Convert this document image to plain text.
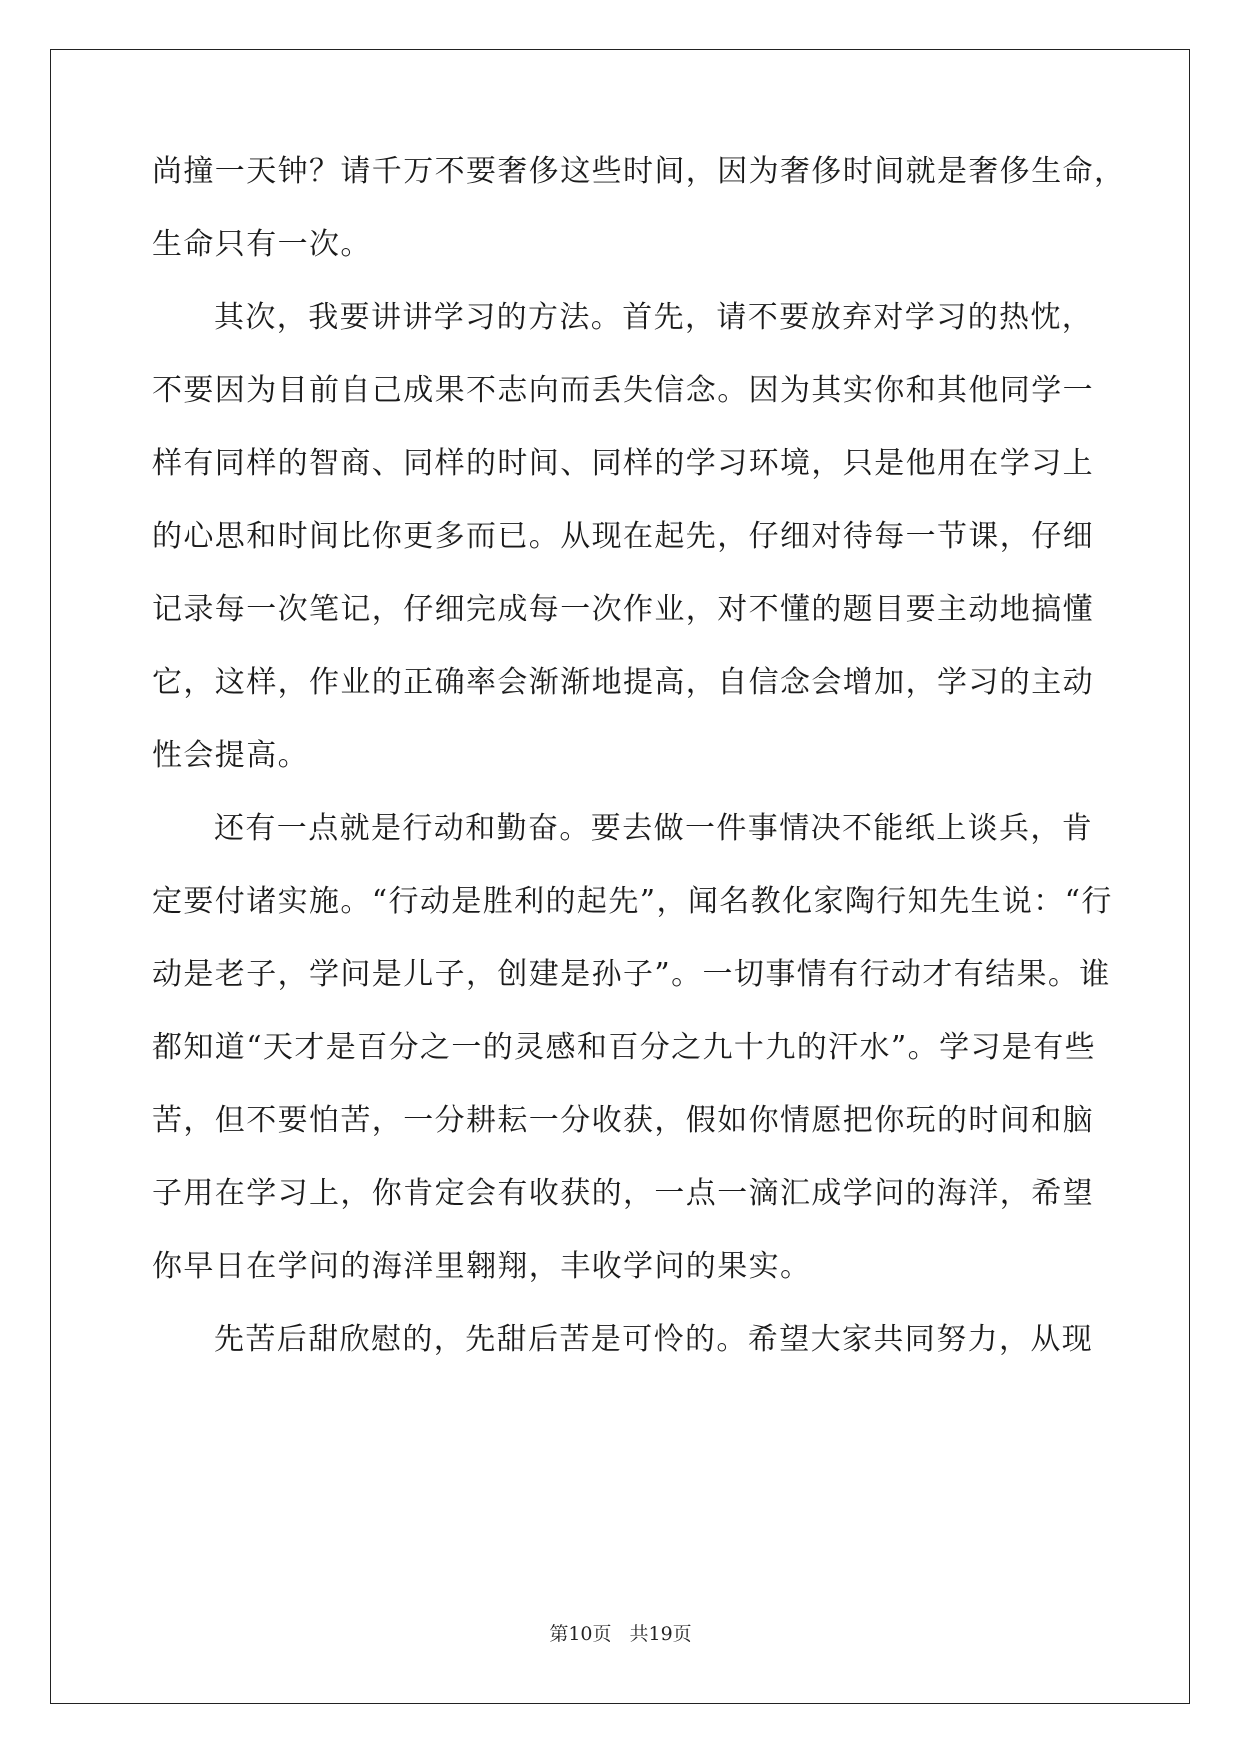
尚撞一天钟？请千万不要奢侈这些时间，因为奢侈时间就是奢侈生命，
生命只有一次。
其次，我要讲讲学习的方法。首先，请不要放弃对学习的热忱，
不要因为目前自己成果不志向而丢失信念。因为其实你和其他同学一
样有同样的智商、同样的时间、同样的学习环境，只是他用在学习上
的心思和时间比你更多而已。从现在起先，仔细对待每一节课，仔细
记录每一次笔记，仔细完成每一次作业，对不懂的题目要主动地搞懂
它，这样，作业的正确率会渐渐地提高，自信念会增加，学习的主动
性会提高。
还有一点就是行动和勤奋。要去做一件事情决不能纸上谈兵，肯
定要付诸实施。“行动是胜利的起先”，闻名教化家陶行知先生说：“行
动是老子，学问是儿子，创建是孙子”。一切事情有行动才有结果。谁
都知道“天才是百分之一的灵感和百分之九十九的汗水”。学习是有些
苦，但不要怕苦，一分耕耘一分收获，假如你情愿把你玩的时间和脑
子用在学习上，你肯定会有收获的，一点一滴汇成学问的海洋，希望
你早日在学问的海洋里翱翔，丰收学问的果实。
先苦后甜欣慰的，先甜后苦是可怜的。希望大家共同努力，从现
第10页 共19页
